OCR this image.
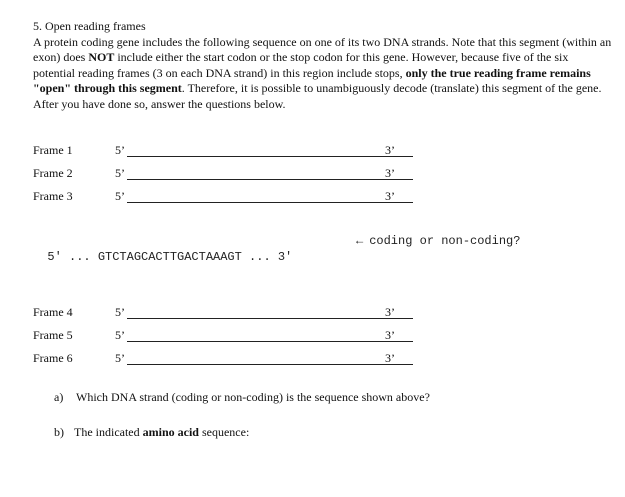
5. Open reading frames

A protein coding gene includes the following sequence on one of its two DNA strands. Note that this segment (within an exon) does NOT include either the start codon or the stop codon for this gene. However, because five of the six potential reading frames (3 on each DNA strand) in this region include stops, only the true reading frame remains "open" through this segment. Therefore, it is possible to unambiguously decode (translate) this segment of the gene. After you have done so, answer the questions below.

Frame 1	5’	3’
Frame 2	5’	3’
Frame 3	5’	3’

5' ... GTCTAGCACTTGACTAAAGT ... 3'

← coding or non-coding?

Frame 4	5’	3’
Frame 5	5’	3’
Frame 6	5’	3’
a) Which DNA strand (coding or non-coding) is the sequence shown above?
b) The indicated amino acid sequence:
